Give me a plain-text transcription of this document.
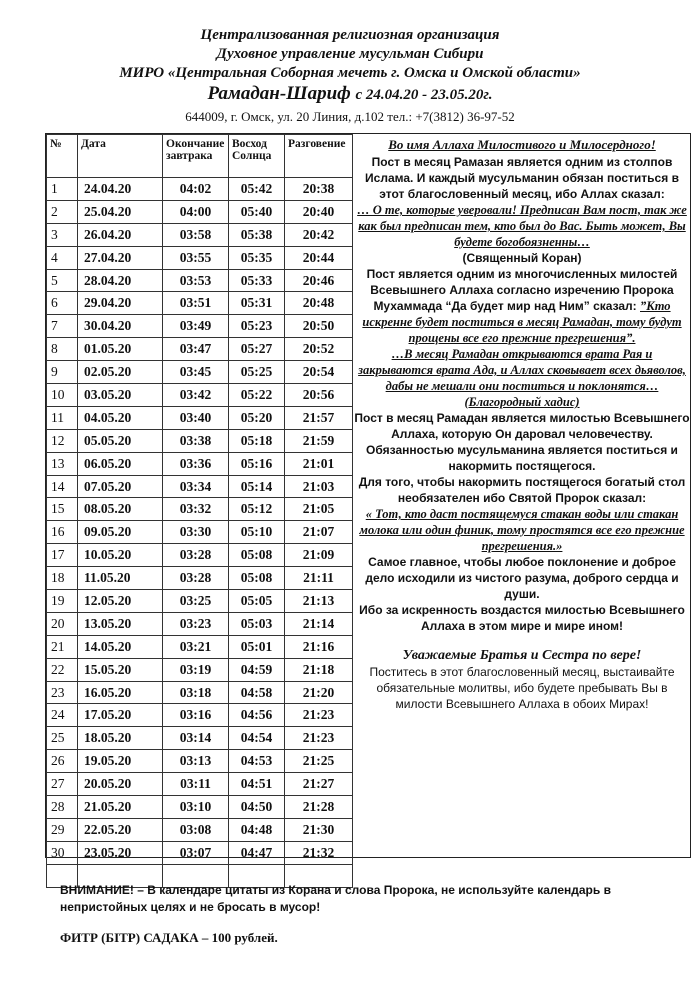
Централизованная религиозная организация
Духовное управление мусульман Сибири
МИРО «Центральная Соборная мечеть г. Омска и Омской области»
Рамадан-Шариф с 24.04.20 - 23.05.20г.
644009, г. Омск, ул. 20 Линия, д.102 тел.: +7(3812) 36-97-52
№	Дата	Окончание завтрака	Восход Солнца	Разговение
1	24.04.20	04:02	05:42	20:38
2	25.04.20	04:00	05:40	20:40
3	26.04.20	03:58	05:38	20:42
4	27.04.20	03:55	05:35	20:44
5	28.04.20	03:53	05:33	20:46
6	29.04.20	03:51	05:31	20:48
7	30.04.20	03:49	05:23	20:50
8	01.05.20	03:47	05:27	20:52
9	02.05.20	03:45	05:25	20:54
10	03.05.20	03:42	05:22	20:56
11	04.05.20	03:40	05:20	21:57
12	05.05.20	03:38	05:18	21:59
13	06.05.20	03:36	05:16	21:01
14	07.05.20	03:34	05:14	21:03
15	08.05.20	03:32	05:12	21:05
16	09.05.20	03:30	05:10	21:07
17	10.05.20	03:28	05:08	21:09
18	11.05.20	03:28	05:08	21:11
19	12.05.20	03:25	05:05	21:13
20	13.05.20	03:23	05:03	21:14
21	14.05.20	03:21	05:01	21:16
22	15.05.20	03:19	04:59	21:18
23	16.05.20	03:18	04:58	21:20
24	17.05.20	03:16	04:56	21:23
25	18.05.20	03:14	04:54	21:23
26	19.05.20	03:13	04:53	21:25
27	20.05.20	03:11	04:51	21:27
28	21.05.20	03:10	04:50	21:28
29	22.05.20	03:08	04:48	21:30
30	23.05.20	03:07	04:47	21:32

Во имя Аллаха Милостивого и Милосердного!

Пост в месяц Рамазан является одним из столпов Ислама. И каждый мусульманин обязан поститься в этот благословенный месяц, ибо Аллах сказал:

… О те, которые уверовали! Предписан Вам пост, так же как был предписан тем, кто был до Вас. Быть может, Вы будете богобоязненны…

(Священный Коран)

Пост является одним из многочисленных милостей Всевышнего Аллаха согласно изречению Пророка Мухаммада “Да будет мир над Ним” сказал: ”Кто искренне будет поститься в месяц Рамадан, тому будут прощены все его прежние прегрешения”.

…В месяц Рамадан открываются врата Рая и закрываются врата Ада, и Аллах сковывает всех дьяволов, дабы не мешали они поститься и поклонятся…(Благородный хадис)

Пост в месяц Рамадан является милостью Всевышнего Аллаха, которую Он даровал человечеству.

Обязанностью мусульманина является поститься и накормить постящегося.

Для того, чтобы накормить постящегося богатый стол необязателен ибо Святой Пророк сказал:

« Тот, кто даст постящемуся стакан воды или стакан молока или один финик, тому простятся все его прежние прегрешения.»

Самое главное, чтобы любое поклонение и доброе дело исходили из чистого разума, доброго сердца и души.

Ибо за искренность воздастся милостью Всевышнего Аллаха в этом мире и мире ином!

Уважаемые Братья и Сестра по вере!

Поститесь в этот благословенный месяц, выстаивайте обязательные молитвы, ибо будете пребывать Вы в милости Всевышнего Аллаха в обоих Мирах!

ВНИМАНИЕ! – В календаре цитаты из Корана и слова Пророка, не используйте календарь в непристойных целях и не бросать в мусор!
ФИТР (БІТР) САДАКА – 100 рублей.
